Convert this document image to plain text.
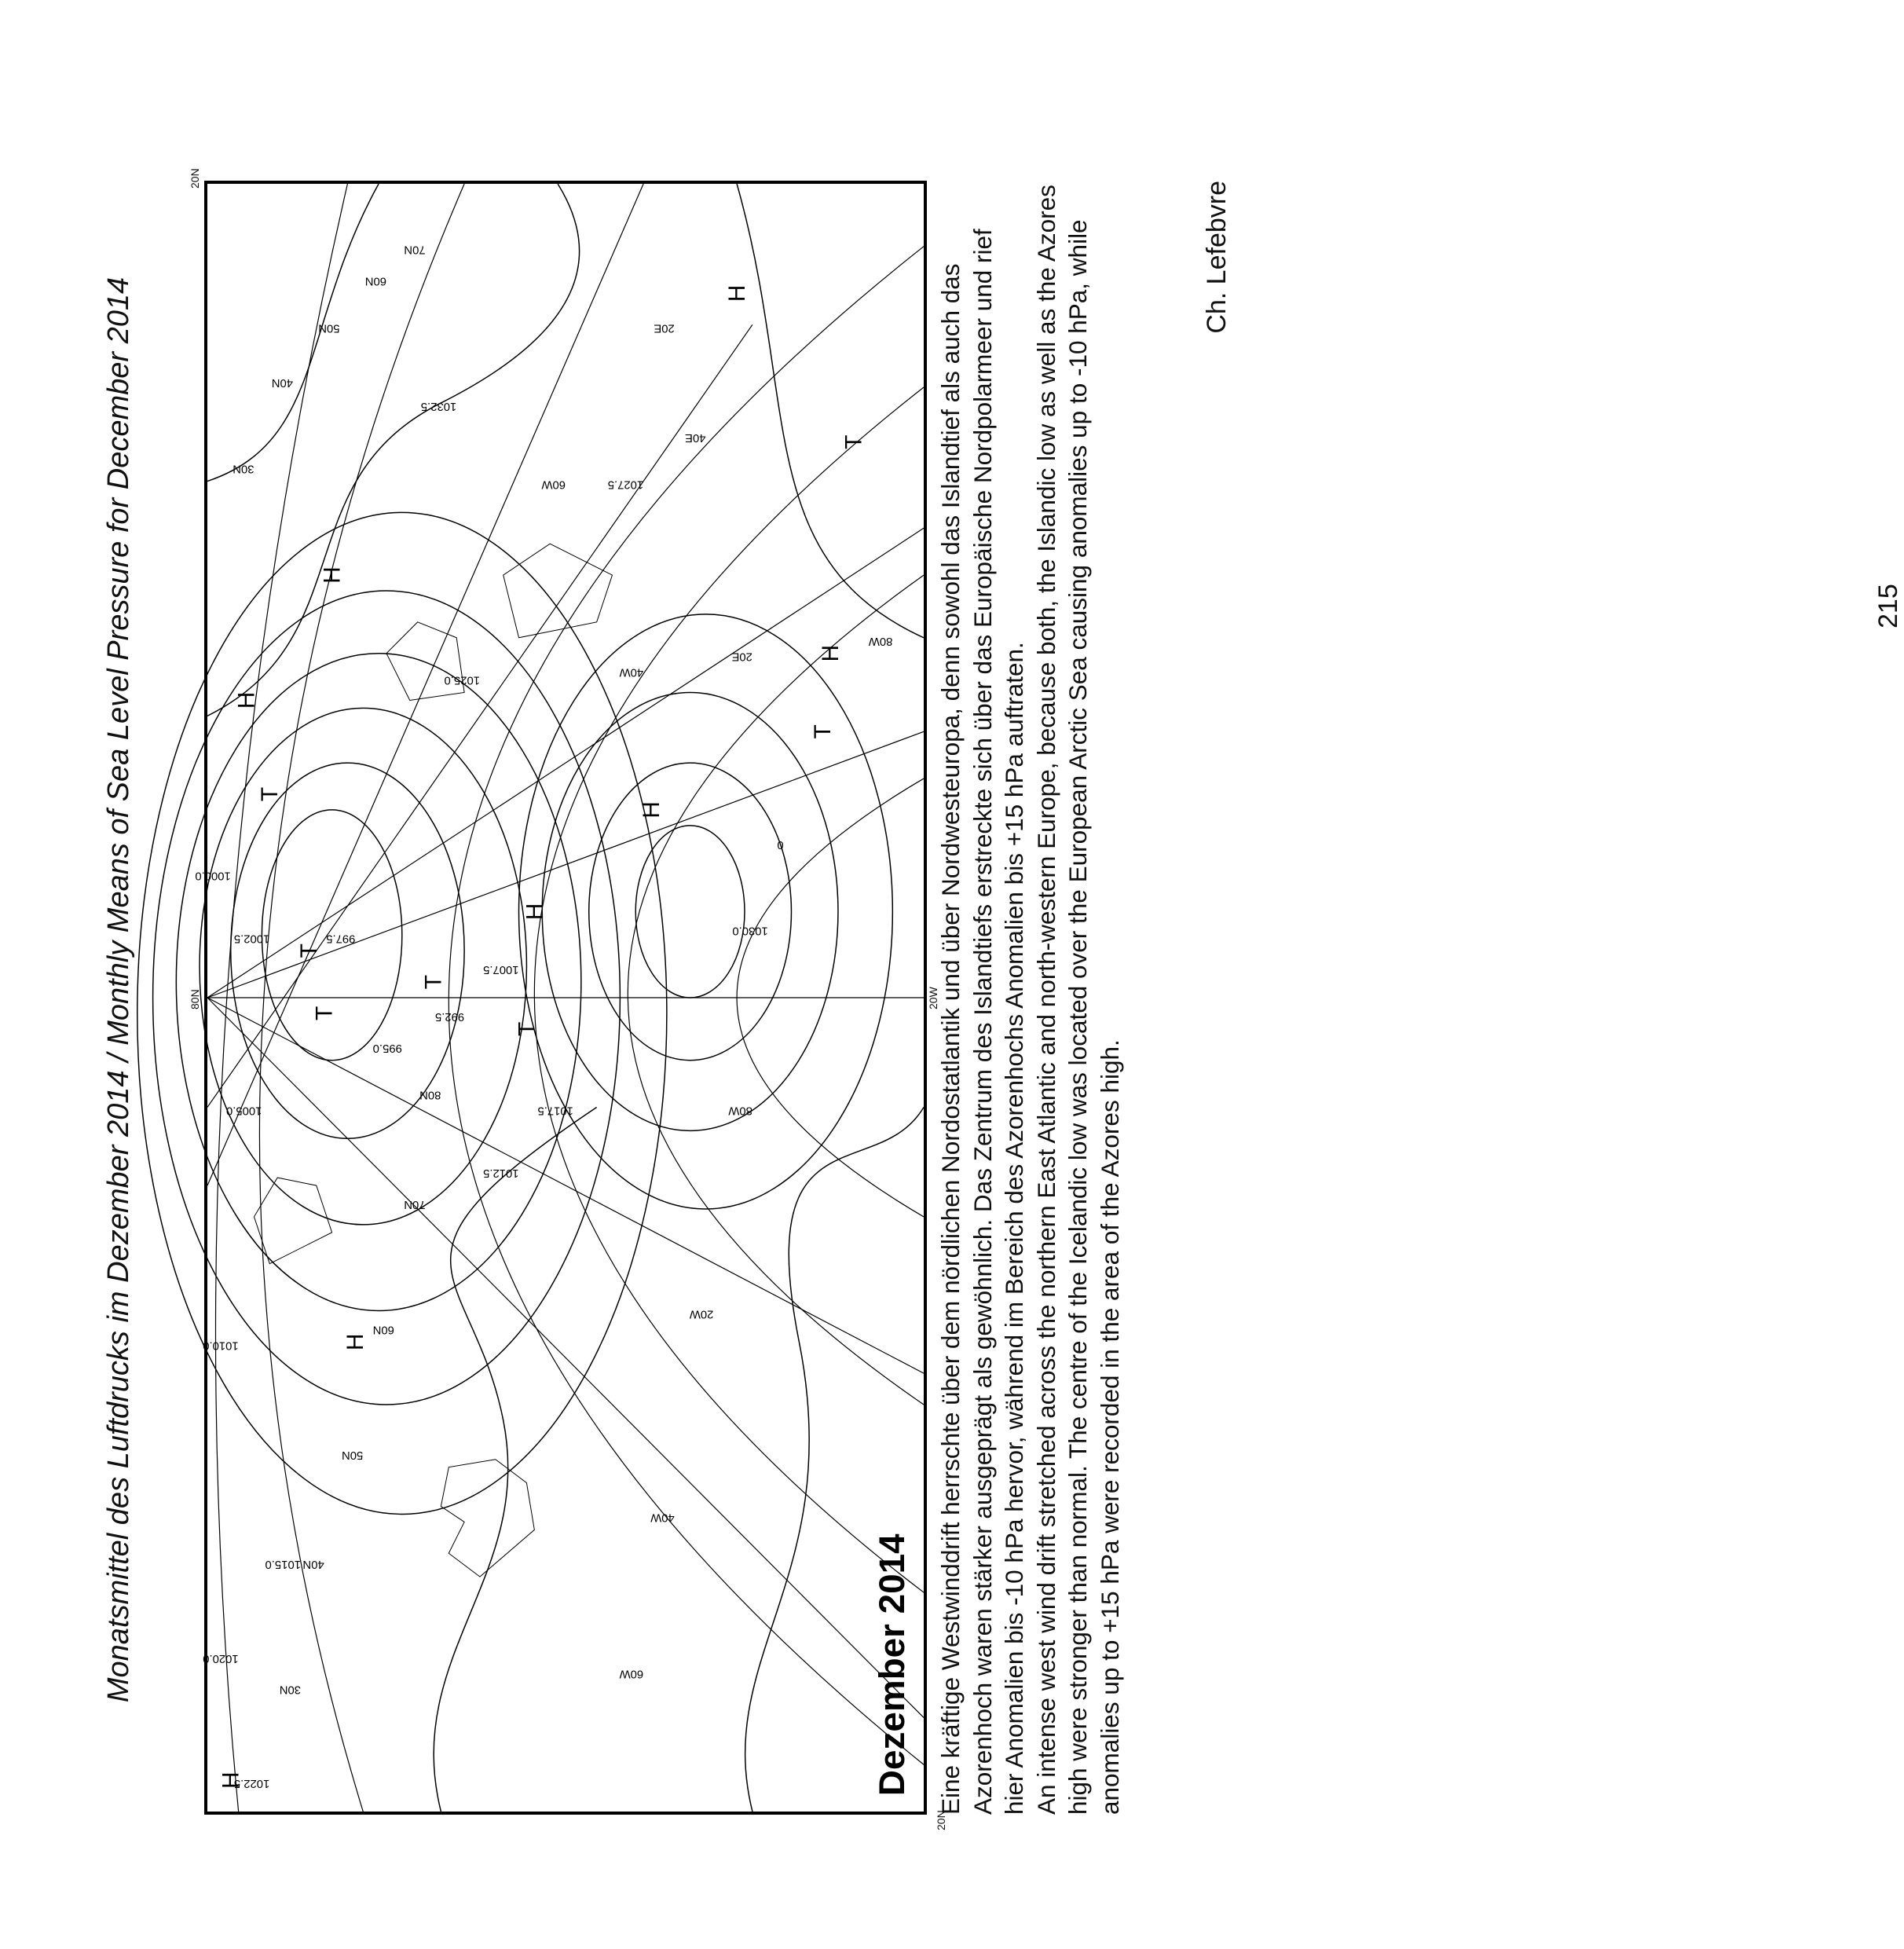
Monatsmittel des Luftdrucks im Dezember 2014 / Monthly Means of Sea Level Pressure for December 2014
H
H
H
H
H
H
H
H
T
T
T
T
T
T
T
1022.5
1020.0
1015.0
1010.0
1005.0
1002.5
1000.0
997.5
995.0
992.5
1012.5
1017.5
1025.0
1027.5
1030.0
1032.5
1007.5
30N
40N
50N
60N
70N
80N
30N
40N
50N
60N
70N
60W
40W
20W
80W
0
20E
40E
40W
60W
80W
20E
Dezember 2014
20N
20N
80N	20W

Eine kräftige Westwinddrift herrschte über dem nördlichen Nordostatlantik und über Nordwesteuropa, denn sowohl das Islandtief als auch das Azorenhoch waren stärker ausgeprägt als gewöhnlich. Das Zentrum des Islandtiefs erstreckte sich über das Europäische Nordpolarmeer und rief hier Anomalien bis -10 hPa hervor, während im Bereich des Azorenhochs Anomalien bis +15 hPa auftraten. An intense west wind drift stretched across the northern East Atlantic and north-western Europe, because both, the Islandic low as well as the Azores high were stronger than normal. The centre of the Icelandic low was located over the European Arctic Sea causing anomalies up to -10 hPa, while anomalies up to +15 hPa were recorded in the area of the Azores high.

Ch. Lefebvre
215
